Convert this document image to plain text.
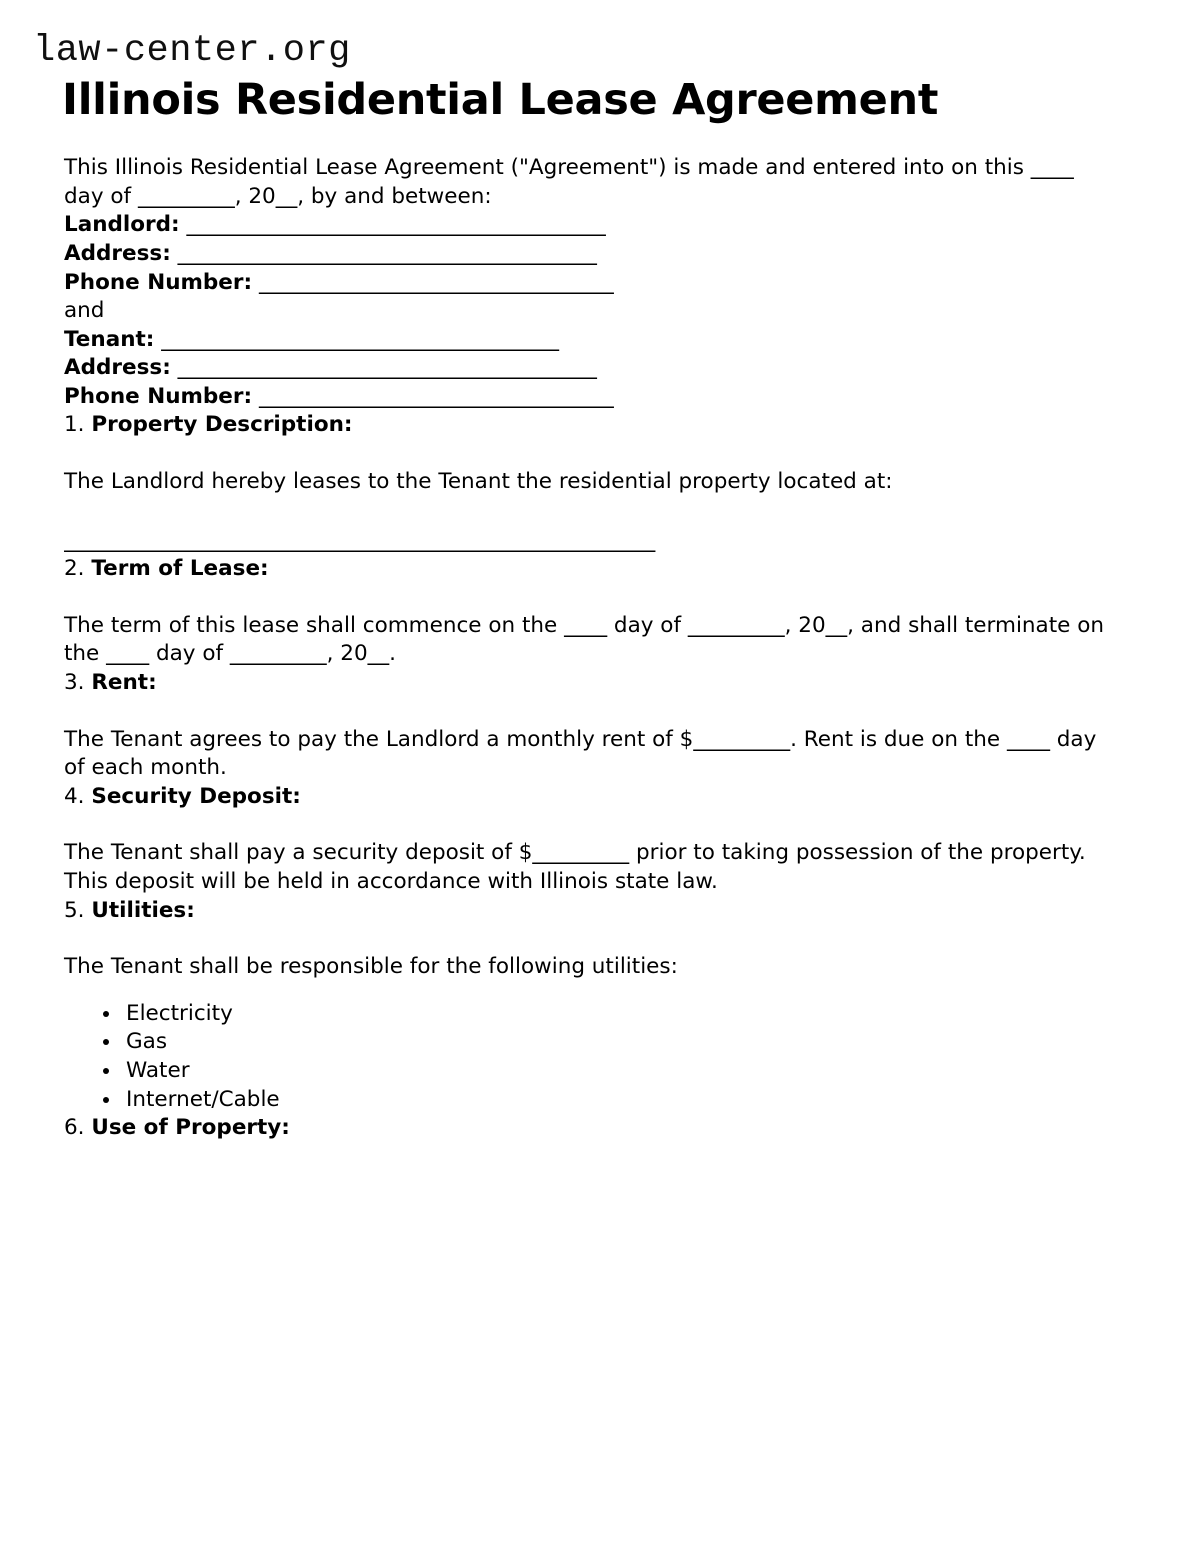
law-center.org
Illinois Residential Lease Agreement

This Illinois Residential Lease Agreement ("Agreement") is made and entered into on this ____ day of _________, 20__, by and between:

Landlord: _______________________________________

Address: _______________________________________

Phone Number: _________________________________

and

Tenant: _____________________________________

Address: _______________________________________

Phone Number: _________________________________

1. Property Description:

The Landlord hereby leases to the Tenant the residential property located at:

_______________________________________________________

2. Term of Lease:

The term of this lease shall commence on the ____ day of _________, 20__, and shall terminate on the ____ day of _________, 20__.

3. Rent:

The Tenant agrees to pay the Landlord a monthly rent of $_________. Rent is due on the ____ day of each month.

4. Security Deposit:

The Tenant shall pay a security deposit of $_________ prior to taking possession of the property. This deposit will be held in accordance with Illinois state law.

5. Utilities:

The Tenant shall be responsible for the following utilities:

• Electricity
• Gas
• Water
• Internet/Cable

6. Use of Property:
